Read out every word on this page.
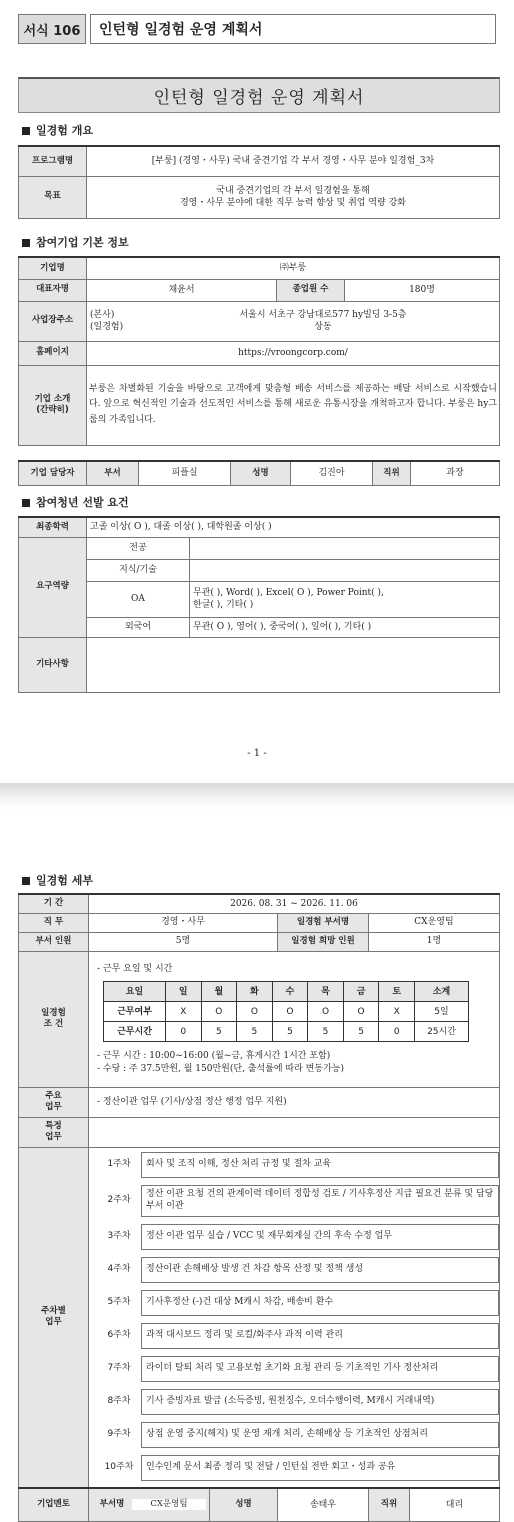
서식 106	인턴형 일경험 운영 계획서
인턴형 일경험 운영 계획서
일경험 개요
프로그램명	[부룽] (경영・사무) 국내 중견기업 각 부서 경영・사무 분야 일경험_3차
목표	국내 중견기업의 각 부서 일경험을 통해
경영・사무 분야에 대한 직무 능력 향상 및 취업 역량 강화
참여기업 기본 정보
기업명	㈜부룽		
대표자명	채윤서	종업원 수	180명
사업장주소	(본사) 서울시 서초구 강남대로577 hy빌딩 3-5층
(일경험) 상동		

홈페이지	https://vroongcorp.com/		

기업 소개
(간략히)	부룽은 차별화된 기술을 바탕으로 고객에게 맞춤형 배송 서비스를 제공하는 배달 서비스로 시작했습니다. 앞으로 혁신적인 기술과 선도적인 서비스를 통해 새로운 유통시장을 개척하고자 합니다. 부룽은 hy그룹의 가족입니다.		
기업 담당자	부서	피플실	성명	김진아	직위	과장
참여청년 선발 요건
최종학력	고졸 이상( O ), 대졸 이상( ), 대학원졸 이상( )	
요구역량	전공	
	지식/기술	
	OA	무관( ), Word( ), Excel( O ), Power Point( ),
한글( ), 기타( )

	외국어	무관( O ), 영어( ), 중국어( ), 일어( ), 기타( )
기타사항		
- 1 -
일경험 세부
기 간	2026. 08. 31 ~ 2026. 11. 06
직 무	경영・사무	일경험 부서명	CX운영팀
부서 인원	5명	일경험 희망 인원	1명

일경험
조 건

- 근무 요일 및 시간
요일	일	월	화	수	목	금	토	소계
근무여부	X	O	O	O	O	O	X	5일
근무시간	0	5	5	5	5	5	0	25시간
- 근무 시간 : 10:00~16:00 (월~금, 휴게시간 1시간 포함)
- 수당 : 주 37.5만원, 월 150만원(단, 출석률에 따라 변동가능)

주요
업무
	- 정산이관 업무 (기사/상점 정산 행정 업무 지원)

특정
업무

주차별
업무

1주차	회사 및 조직 이해, 정산 처리 규정 및 절차 교육
2주차
정산 이관 요청 건의 관계이력 데이터 정합성 검토 / 기사후정산 지급 필요건 분류 및 담당 부서 이관
3주차	정산 이관 업무 실습 / VCC 및 재무회계실 간의 후속 수정 업무
4주차	정산이관 손해배상 발생 건 차감 항목 산정 및 정책 생성
5주차	기사후정산 (-)건 대상 M캐시 차감, 배송비 환수
6주차	과적 대시보드 정리 및 로컬/화주사 과적 이력 관리
7주차	라이더 탈퇴 처리 및 고용보험 초기화 요청 관리 등 기초적인 기사 정산처리
8주차	기사 증빙자료 발급 (소득증빙, 원천징수, 오더수행이력, M캐시 거래내역)
9주차	상점 운영 중지(해지) 및 운영 재개 처리, 손해배상 등 기초적인 상점처리
10주차	인수인계 문서 최종 정리 및 전달 / 인턴십 전반 회고・성과 공유

기업멘토	부서명	CX운영팀	성명	송태우	직위	대리
